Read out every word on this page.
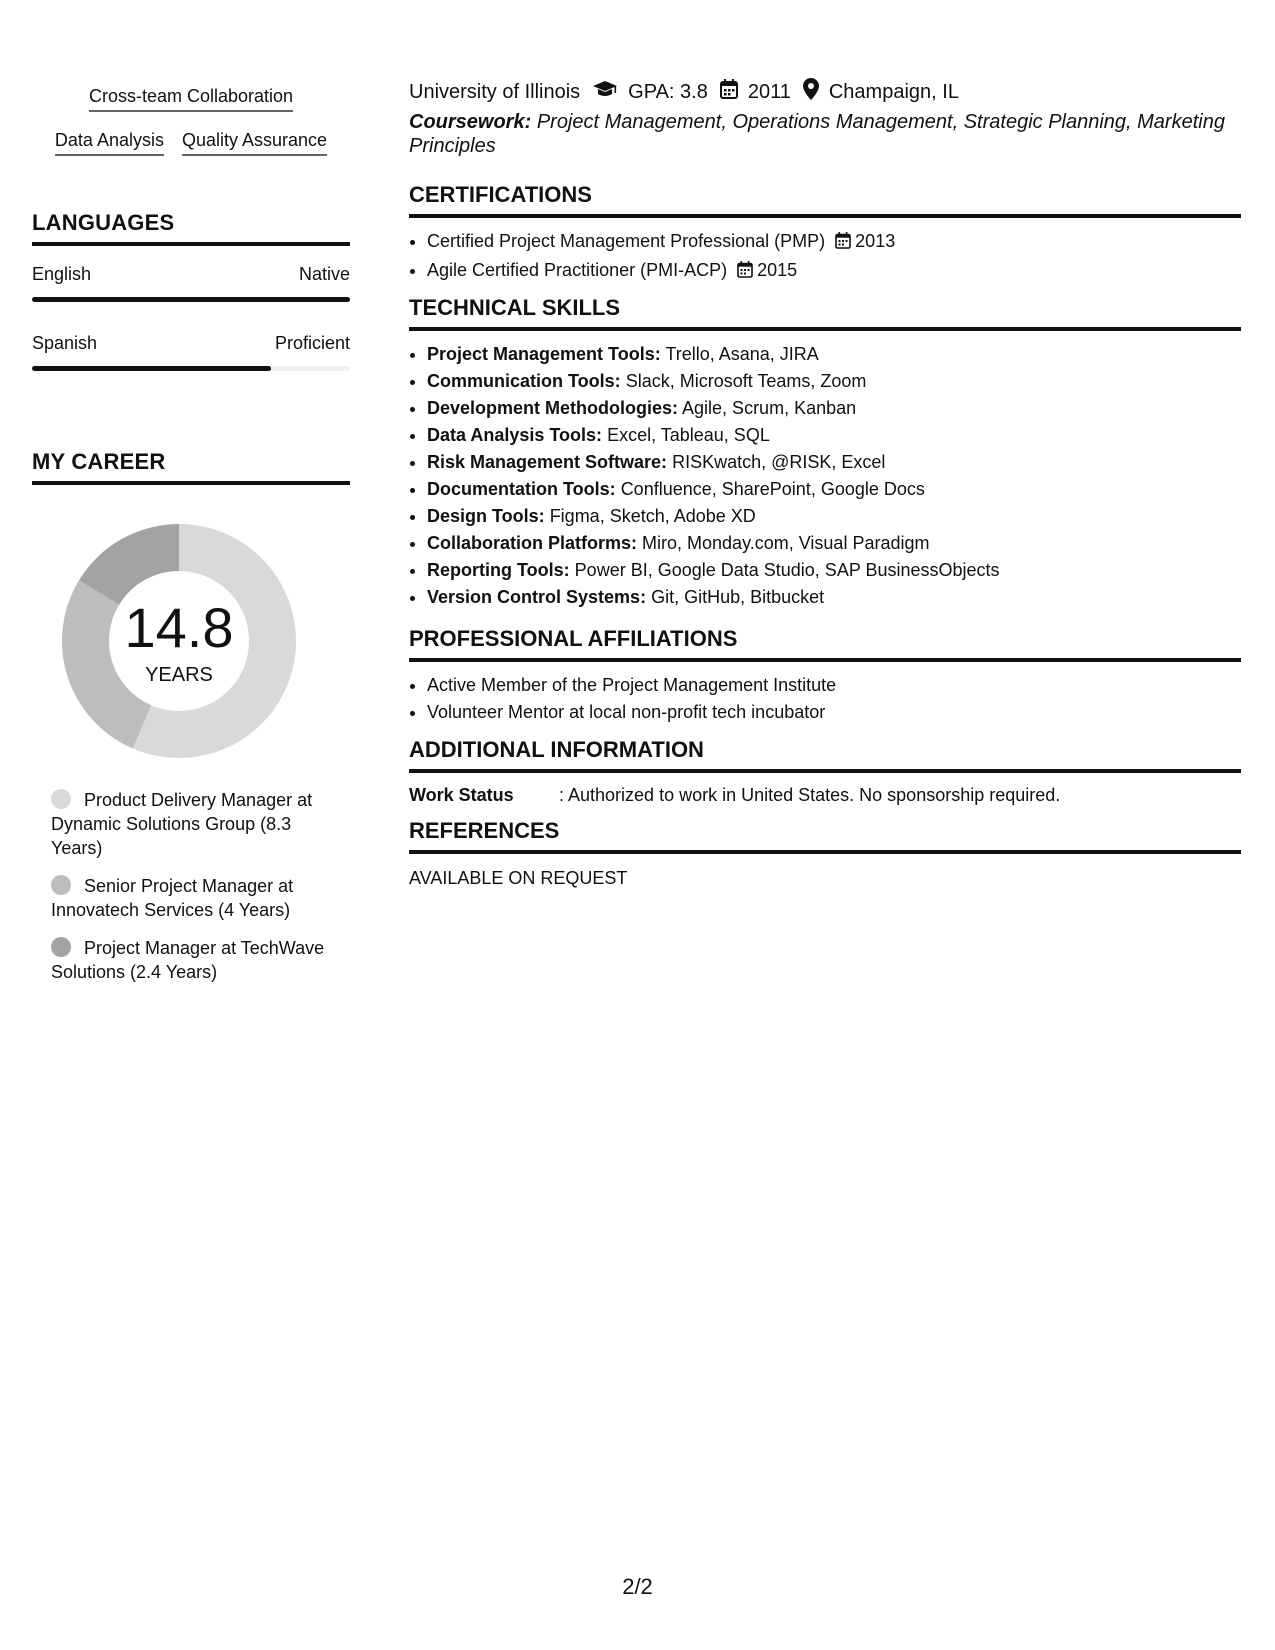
Cross-team Collaboration
Data Analysis Quality Assurance
LANGUAGES
English	Native
Spanish	Proficient
MY CAREER
14.8
YEARS
Product Delivery Manager at Dynamic Solutions Group (8.3 Years)
Senior Project Manager at Innovatech Services (4 Years)
Project Manager at TechWave Solutions (2.4 Years)
University of Illinois GPA: 3.8 2011 Champaign, IL
Coursework: Project Management, Operations Management, Strategic Planning, Marketing Principles
CERTIFICATIONS
• Certified Project Management Professional (PMP) 2013
• Agile Certified Practitioner (PMI-ACP) 2015
TECHNICAL SKILLS
• Project Management Tools: Trello, Asana, JIRA
• Communication Tools: Slack, Microsoft Teams, Zoom
• Development Methodologies: Agile, Scrum, Kanban
• Data Analysis Tools: Excel, Tableau, SQL
• Risk Management Software: RISKwatch, @RISK, Excel
• Documentation Tools: Confluence, SharePoint, Google Docs
• Design Tools: Figma, Sketch, Adobe XD
• Collaboration Platforms: Miro, Monday.com, Visual Paradigm
• Reporting Tools: Power BI, Google Data Studio, SAP BusinessObjects
• Version Control Systems: Git, GitHub, Bitbucket
PROFESSIONAL AFFILIATIONS
• Active Member of the Project Management Institute
• Volunteer Mentor at local non-profit tech incubator
ADDITIONAL INFORMATION
Work Status	: Authorized to work in United States. No sponsorship required.
REFERENCES
AVAILABLE ON REQUEST
2/2
